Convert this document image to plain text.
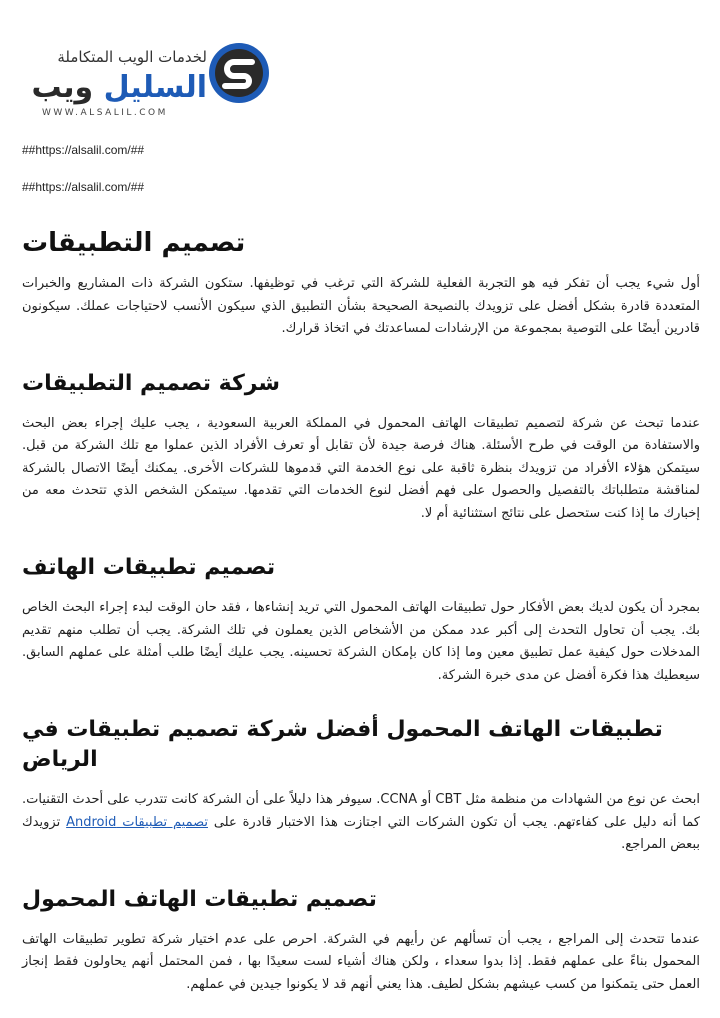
لخدمات الويب المتكاملة
السليل ويب
WWW.ALSALIL.COM
##https://alsalil.com/##
##https://alsalil.com/##
تصميم التطبيقات

أول شيء يجب أن تفكر فيه هو التجربة الفعلية للشركة التي ترغب في توظيفها. ستكون الشركة ذات المشاريع والخبرات المتعددة قادرة بشكل أفضل على تزويدك بالنصيحة الصحيحة بشأن التطبيق الذي سيكون الأنسب لاحتياجات عملك. سيكونون قادرين أيضًا على التوصية بمجموعة من الإرشادات لمساعدتك في اتخاذ قرارك.

شركة تصميم التطبيقات

عندما تبحث عن شركة لتصميم تطبيقات الهاتف المحمول في المملكة العربية السعودية ، يجب عليك إجراء بعض البحث والاستفادة من الوقت في طرح الأسئلة. هناك فرصة جيدة لأن تقابل أو تعرف الأفراد الذين عملوا مع تلك الشركة من قبل. سيتمكن هؤلاء الأفراد من تزويدك بنظرة ثاقبة على نوع الخدمة التي قدموها للشركات الأخرى. يمكنك أيضًا الاتصال بالشركة لمناقشة متطلباتك بالتفصيل والحصول على فهم أفضل لنوع الخدمات التي تقدمها. سيتمكن الشخص الذي تتحدث معه من إخبارك ما إذا كنت ستحصل على نتائج استثنائية أم لا.

تصميم تطبيقات الهاتف

بمجرد أن يكون لديك بعض الأفكار حول تطبيقات الهاتف المحمول التي تريد إنشاءها ، فقد حان الوقت لبدء إجراء البحث الخاص بك. يجب أن تحاول التحدث إلى أكبر عدد ممكن من الأشخاص الذين يعملون في تلك الشركة. يجب أن تطلب منهم تقديم المدخلات حول كيفية عمل تطبيق معين وما إذا كان بإمكان الشركة تحسينه. يجب عليك أيضًا طلب أمثلة على عملهم السابق. سيعطيك هذا فكرة أفضل عن مدى خبرة الشركة.

تطبيقات الهاتف المحمول أفضل شركة تصميم تطبيقات في الرياض

ابحث عن نوع من الشهادات من منظمة مثل CBT أو CCNA. سيوفر هذا دليلاً على أن الشركة كانت تتدرب على أحدث التقنيات. كما أنه دليل على كفاءتهم. يجب أن تكون الشركات التي اجتازت هذا الاختبار قادرة على تصميم تطبيقات Android تزويدك ببعض المراجع.

تصميم تطبيقات الهاتف المحمول

عندما تتحدث إلى المراجع ، يجب أن تسألهم عن رأيهم في الشركة. احرص على عدم اختيار شركة تطوير تطبيقات الهاتف المحمول بناءً على عملهم فقط. إذا بدوا سعداء ، ولكن هناك أشياء لست سعيدًا بها ، فمن المحتمل أنهم يحاولون فقط إنجاز العمل حتى يتمكنوا من كسب عيشهم بشكل لطيف. هذا يعني أنهم قد لا يكونوا جيدين في عملهم.
